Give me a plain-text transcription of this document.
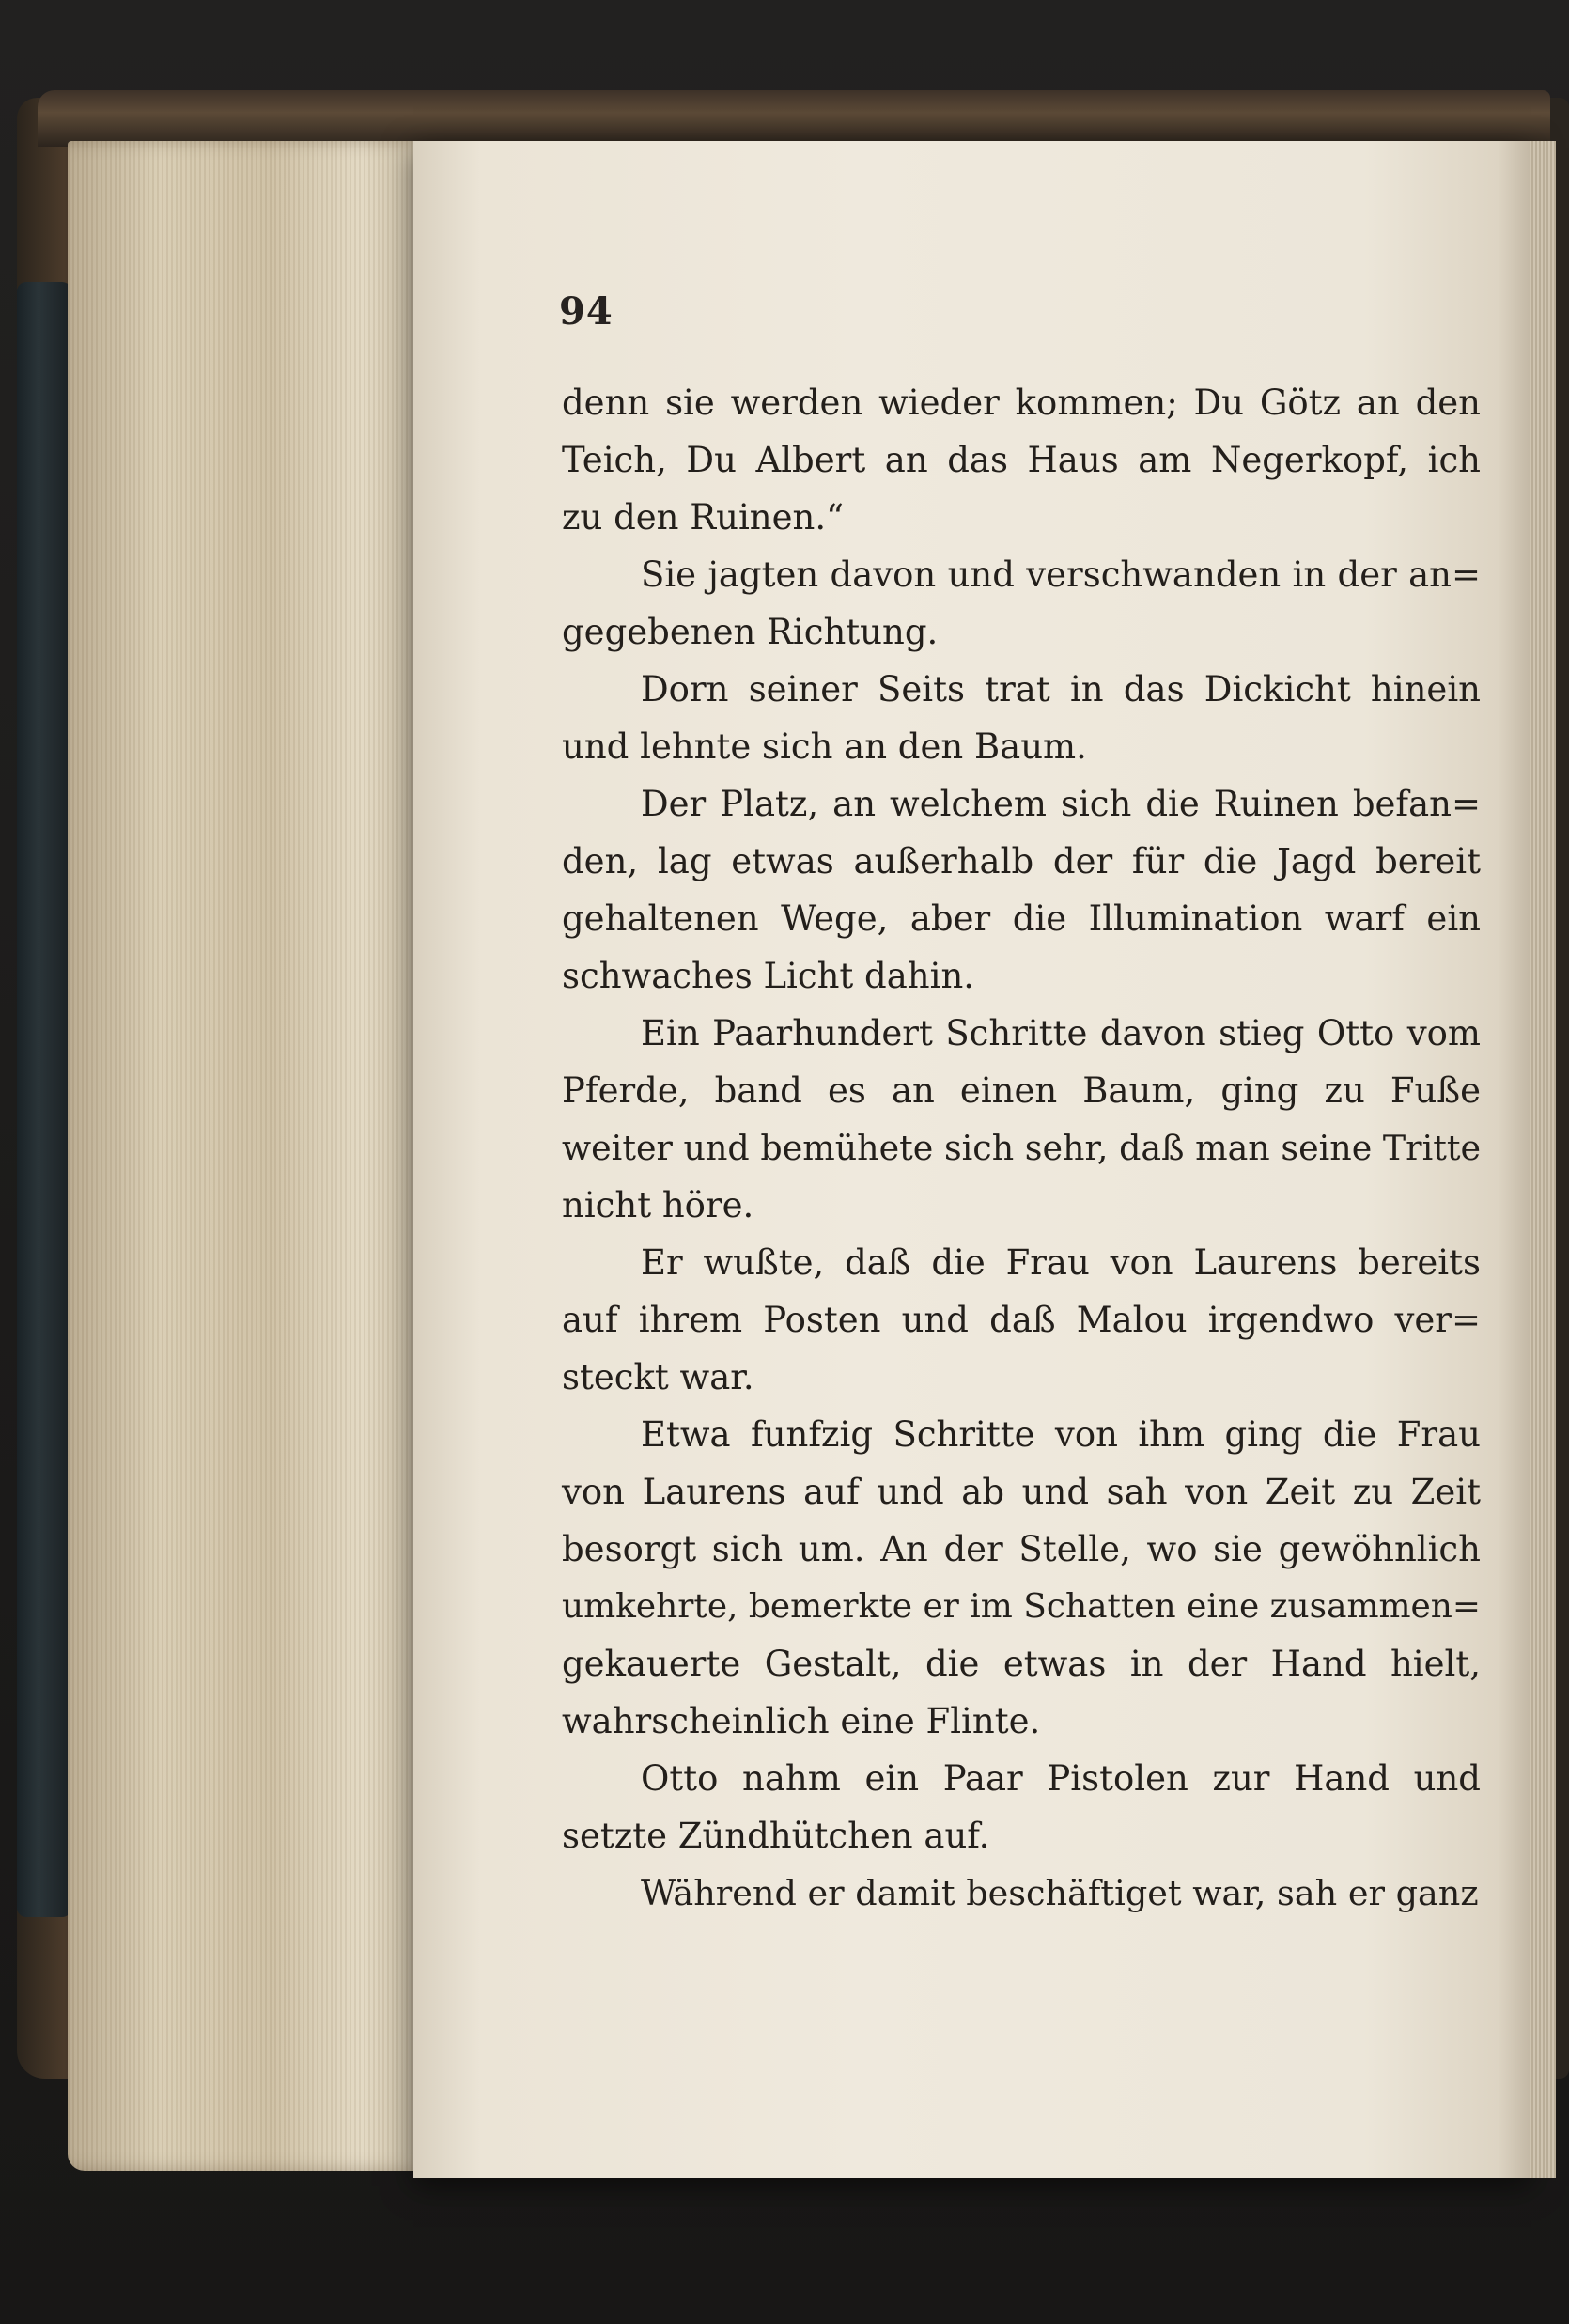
94
denn sie werden wieder kommen; Du Götz an den
Teich, Du Albert an das Haus am Negerkopf, ich
zu den Ruinen.“
Sie jagten davon und verschwanden in der an=
gegebenen Richtung.
Dorn seiner Seits trat in das Dickicht hinein
und lehnte sich an den Baum.
Der Platz, an welchem sich die Ruinen befan=
den, lag etwas außerhalb der für die Jagd bereit
gehaltenen Wege, aber die Illumination warf ein
schwaches Licht dahin.
Ein Paarhundert Schritte davon stieg Otto vom
Pferde, band es an einen Baum, ging zu Fuße
weiter und bemühete sich sehr, daß man seine Tritte
nicht höre.
Er wußte, daß die Frau von Laurens bereits
auf ihrem Posten und daß Malou irgendwo ver=
steckt war.
Etwa funfzig Schritte von ihm ging die Frau
von Laurens auf und ab und sah von Zeit zu Zeit
besorgt sich um. An der Stelle, wo sie gewöhnlich
umkehrte, bemerkte er im Schatten eine zusammen=
gekauerte Gestalt, die etwas in der Hand hielt,
wahrscheinlich eine Flinte.
Otto nahm ein Paar Pistolen zur Hand und
setzte Zündhütchen auf.
Während er damit beschäftiget war, sah er ganz
